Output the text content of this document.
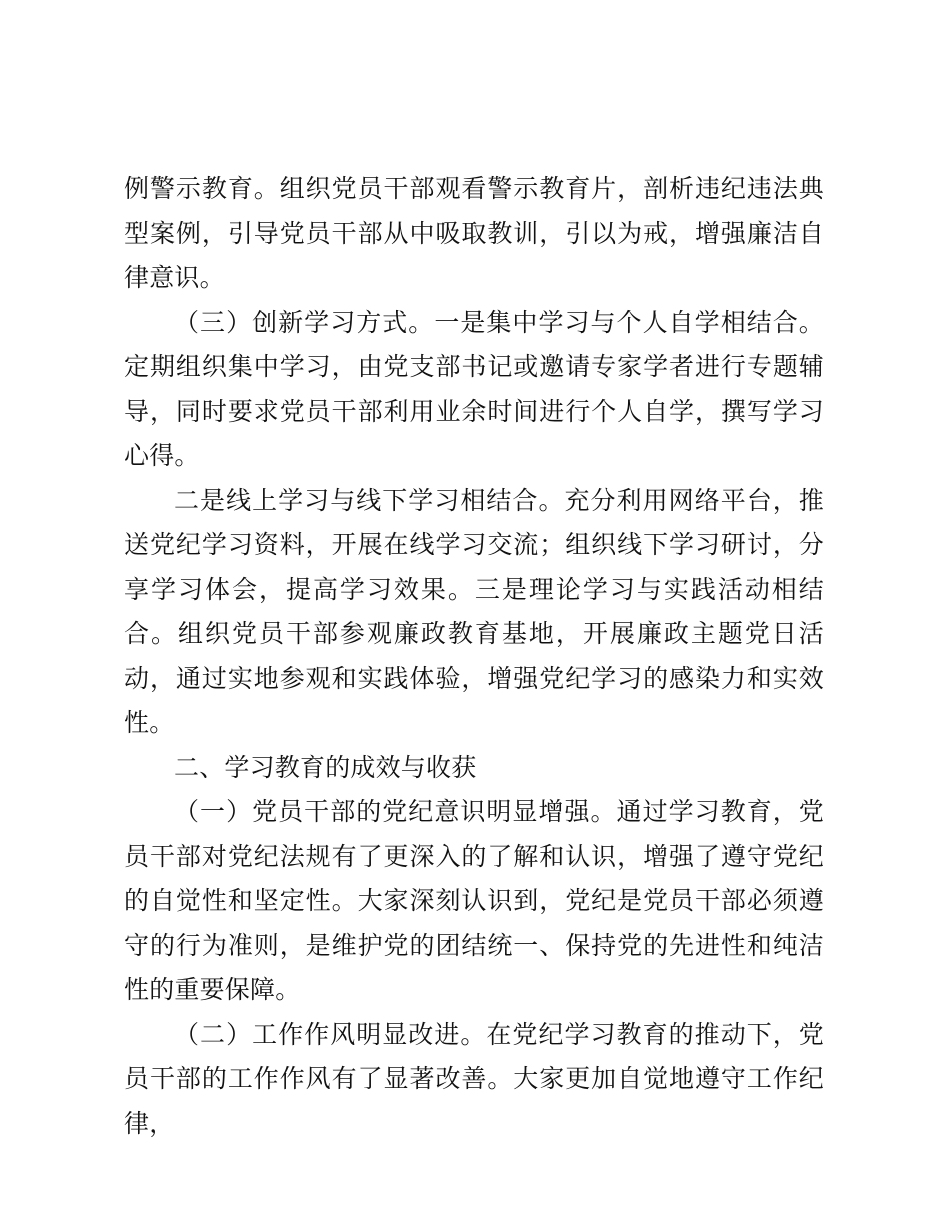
例警示教育。组织党员干部观看警示教育片，剖析违纪违法典型案例，引导党员干部从中吸取教训，引以为戒，增强廉洁自律意识。

（三）创新学习方式。一是集中学习与个人自学相结合。定期组织集中学习，由党支部书记或邀请专家学者进行专题辅导，同时要求党员干部利用业余时间进行个人自学，撰写学习心得。

二是线上学习与线下学习相结合。充分利用网络平台，推送党纪学习资料，开展在线学习交流；组织线下学习研讨，分享学习体会，提高学习效果。三是理论学习与实践活动相结合。组织党员干部参观廉政教育基地，开展廉政主题党日活动，通过实地参观和实践体验，增强党纪学习的感染力和实效性。

二、学习教育的成效与收获

（一）党员干部的党纪意识明显增强。通过学习教育，党员干部对党纪法规有了更深入的了解和认识，增强了遵守党纪的自觉性和坚定性。大家深刻认识到，党纪是党员干部必须遵守的行为准则，是维护党的团结统一、保持党的先进性和纯洁性的重要保障。

（二）工作作风明显改进。在党纪学习教育的推动下，党员干部的工作作风有了显著改善。大家更加自觉地遵守工作纪律，
